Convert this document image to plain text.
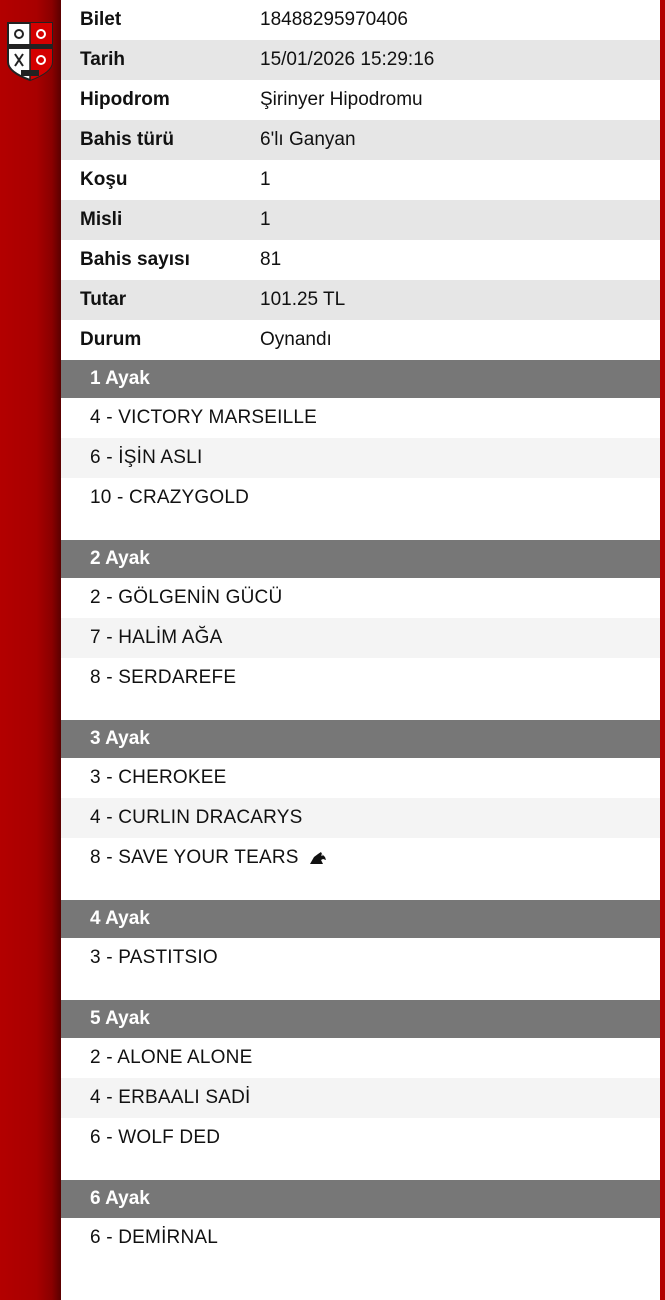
Bilet	18488295970406
Tarih	15/01/2026 15:29:16
Hipodrom	Şirinyer Hipodromu
Bahis türü	6'lı Ganyan
Koşu	1
Misli	1
Bahis sayısı	81
Tutar	101.25 TL
Durum	Oynandı
1 Ayak
4 - VICTORY MARSEILLE
6 - İŞİN ASLI
10 - CRAZYGOLD
2 Ayak
2 - GÖLGENİN GÜCÜ
7 - HALİM AĞA
8 - SERDAREFE
3 Ayak
3 - CHEROKEE
4 - CURLIN DRACARYS
8 - SAVE YOUR TEARS
4 Ayak
3 - PASTITSIO
5 Ayak
2 - ALONE ALONE
4 - ERBAALI SADİ
6 - WOLF DED
6 Ayak
6 - DEMİRNAL
